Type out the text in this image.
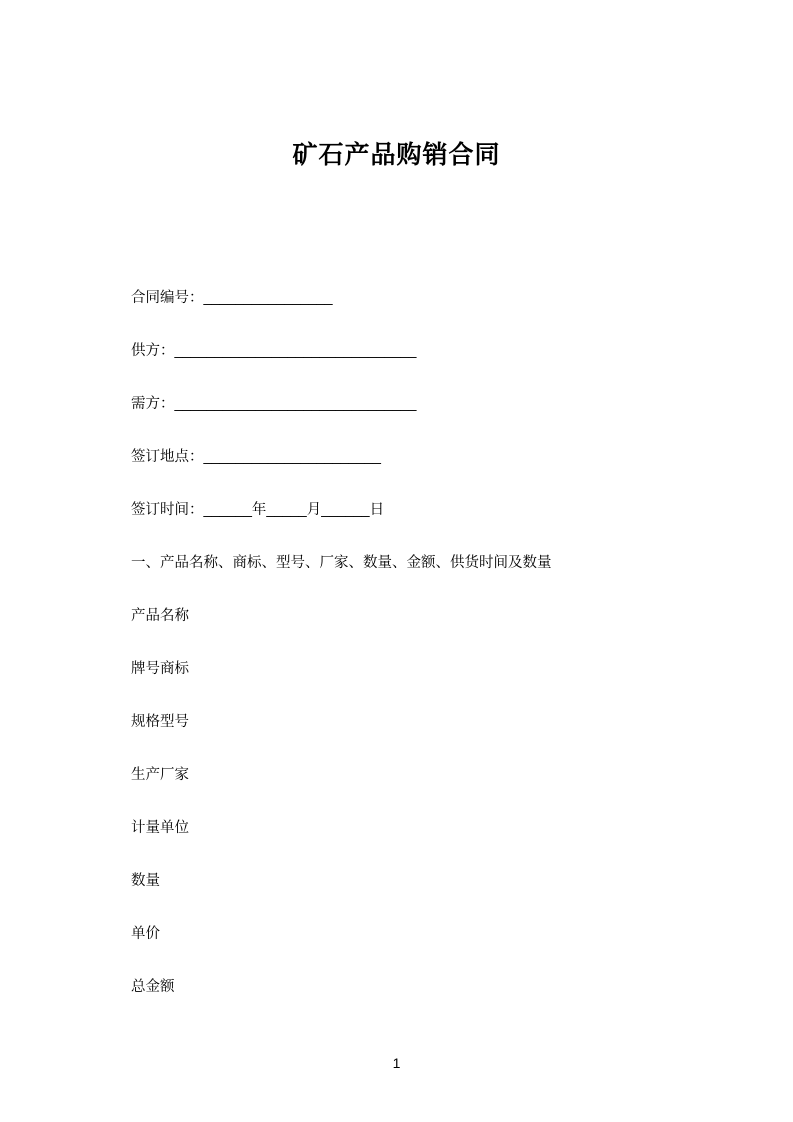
矿石产品购销合同
合同编号：________________
供方：______________________________
需方：______________________________
签订地点：______________________
签订时间：______年_____月______日
一、产品名称、商标、型号、厂家、数量、金额、供货时间及数量
产品名称
牌号商标
规格型号
生产厂家
计量单位
数量
单价
总金额
1
